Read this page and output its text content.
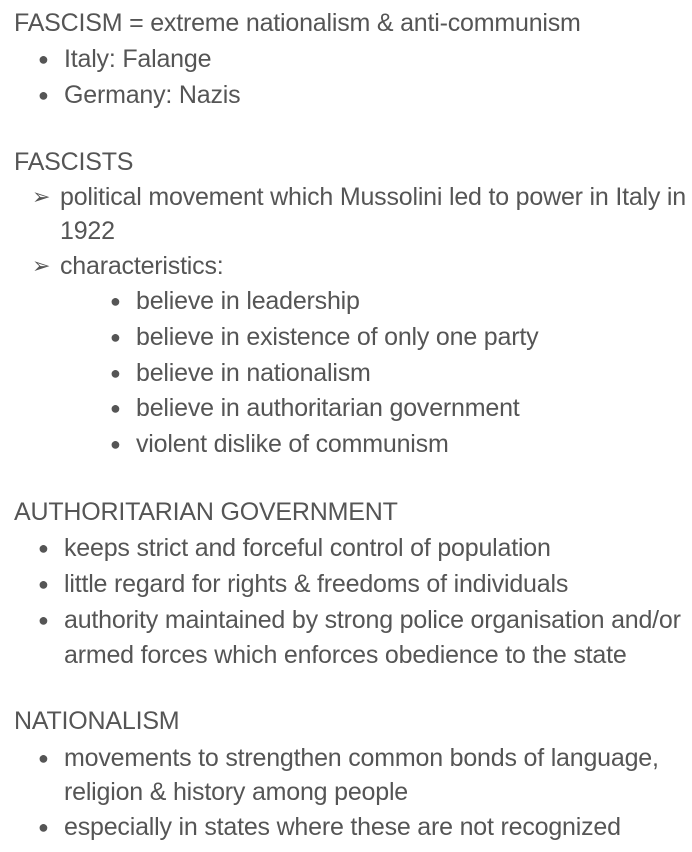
FASCISM = extreme nationalism & anti-communism
● Italy: Falange
● Germany: Nazis
FASCISTS
➢ political movement which Mussolini led to power in Italy in
1922
➢ characteristics:
● believe in leadership
● believe in existence of only one party
● believe in nationalism
● believe in authoritarian government
● violent dislike of communism
AUTHORITARIAN GOVERNMENT
● keeps strict and forceful control of population
● little regard for rights & freedoms of individuals
● authority maintained by strong police organisation and/or
armed forces which enforces obedience to the state
NATIONALISM
● movements to strengthen common bonds of language,
religion & history among people
● especially in states where these are not recognized
